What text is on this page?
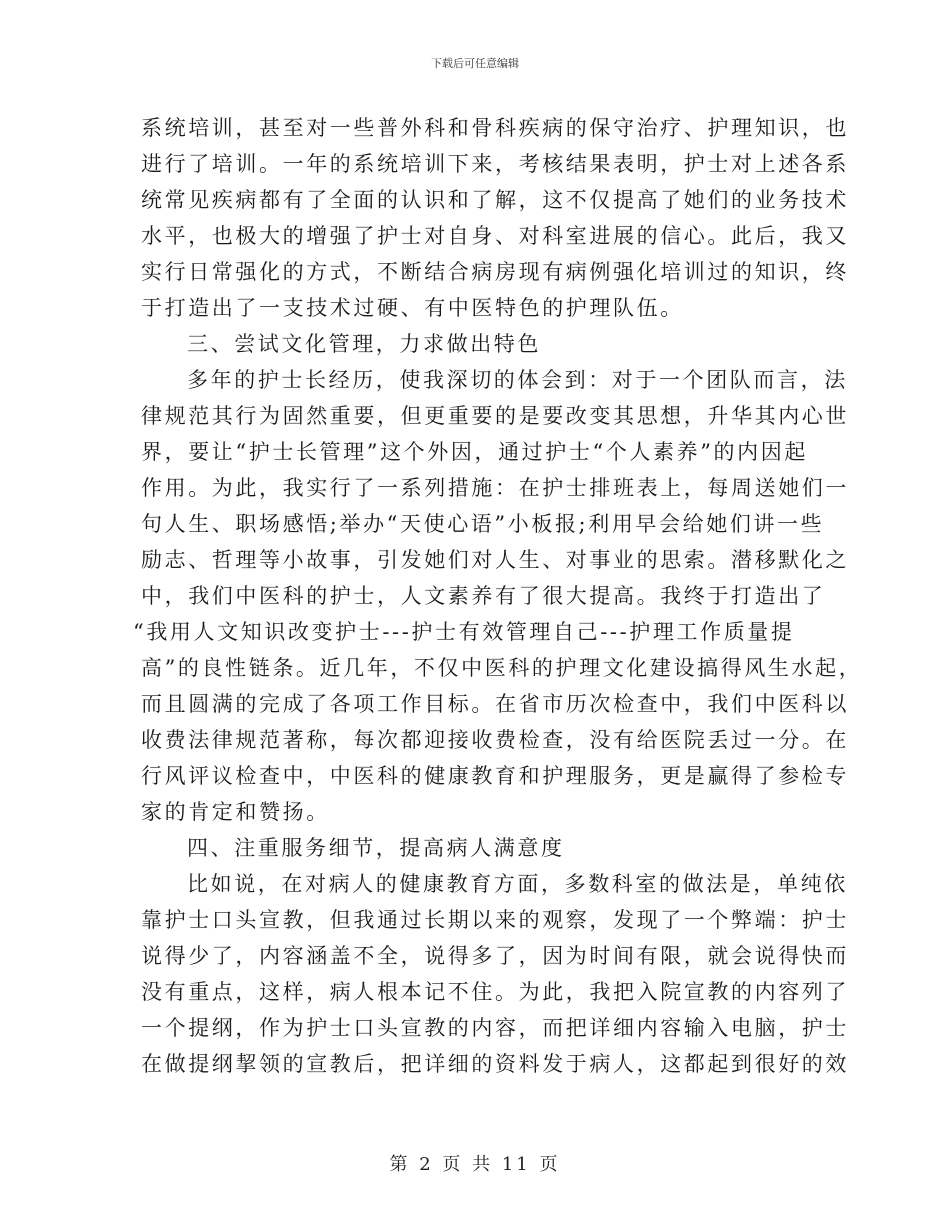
下载后可任意编辑
系统培训，甚至对一些普外科和骨科疾病的保守治疗、护理知识，也
进行了培训。一年的系统培训下来，考核结果表明，护士对上述各系
统常见疾病都有了全面的认识和了解，这不仅提高了她们的业务技术
水平，也极大的增强了护士对自身、对科室进展的信心。此后，我又
实行日常强化的方式，不断结合病房现有病例强化培训过的知识，终
于打造出了一支技术过硬、有中医特色的护理队伍。
三、尝试文化管理，力求做出特色
多年的护士长经历，使我深切的体会到：对于一个团队而言，法
律规范其行为固然重要，但更重要的是要改变其思想，升华其内心世
界，要让“护士长管理”这个外因，通过护士“个人素养”的内因起
作用。为此，我实行了一系列措施：在护士排班表上，每周送她们一
句人生、职场感悟;举办“天使心语”小板报;利用早会给她们讲一些
励志、哲理等小故事，引发她们对人生、对事业的思索。潜移默化之
中，我们中医科的护士，人文素养有了很大提高。我终于打造出了
“我用人文知识改变护士---护士有效管理自己---护理工作质量提
高”的良性链条。近几年，不仅中医科的护理文化建设搞得风生水起，
而且圆满的完成了各项工作目标。在省市历次检查中，我们中医科以
收费法律规范著称，每次都迎接收费检查，没有给医院丢过一分。在
行风评议检查中，中医科的健康教育和护理服务，更是赢得了参检专
家的肯定和赞扬。
四、注重服务细节，提高病人满意度
比如说，在对病人的健康教育方面，多数科室的做法是，单纯依
靠护士口头宣教，但我通过长期以来的观察，发现了一个弊端：护士
说得少了，内容涵盖不全，说得多了，因为时间有限，就会说得快而
没有重点，这样，病人根本记不住。为此，我把入院宣教的内容列了
一个提纲，作为护士口头宣教的内容，而把详细内容输入电脑，护士
在做提纲挈领的宣教后，把详细的资料发于病人，这都起到很好的效
第 2 页 共 11 页
